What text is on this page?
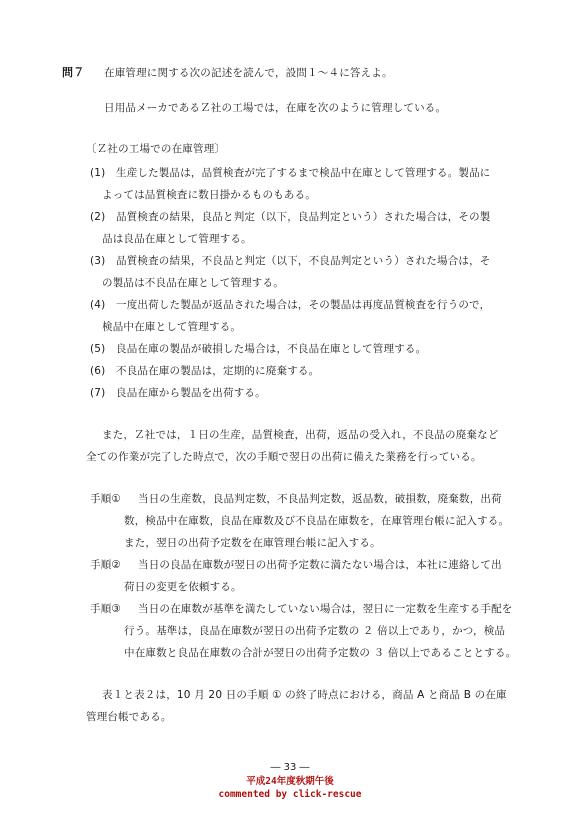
問７ 在庫管理に関する次の記述を読んで，設問１～４に答えよ。
日用品メーカであるＺ社の工場では，在庫を次のように管理している。
〔Ｚ社の工場での在庫管理〕
(1) 生産した製品は，品質検査が完了するまで検品中在庫として管理する。製品に
よっては品質検査に数日掛かるものもある。
(2) 品質検査の結果，良品と判定（以下，良品判定という）された場合は，その製
品は良品在庫として管理する。
(3) 品質検査の結果，不良品と判定（以下，不良品判定という）された場合は，そ
の製品は不良品在庫として管理する。
(4) 一度出荷した製品が返品された場合は，その製品は再度品質検査を行うので，
検品中在庫として管理する。
(5) 良品在庫の製品が破損した場合は，不良品在庫として管理する。
(6) 不良品在庫の製品は，定期的に廃棄する。
(7) 良品在庫から製品を出荷する。
また，Ｚ社では，１日の生産，品質検査，出荷，返品の受入れ，不良品の廃棄など
全ての作業が完了した時点で，次の手順で翌日の出荷に備えた業務を行っている。
手順① 当日の生産数，良品判定数，不良品判定数，返品数，破損数，廃棄数，出荷
数，検品中在庫数，良品在庫数及び不良品在庫数を，在庫管理台帳に記入する。
また，翌日の出荷予定数を在庫管理台帳に記入する。
手順② 当日の良品在庫数が翌日の出荷予定数に満たない場合は，本社に連絡して出
荷日の変更を依頼する。
手順③ 当日の在庫数が基準を満たしていない場合は，翌日に一定数を生産する手配を
行う。基準は，良品在庫数が翌日の出荷予定数の ２ 倍以上であり，かつ，検品
中在庫数と良品在庫数の合計が翌日の出荷予定数の ３ 倍以上であることとする。
表１と表２は，10 月 20 日の手順 ① の終了時点における，商品 A と商品 B の在庫
管理台帳である。
― 33 ―
平成24年度秋期午後
commented by click-rescue
